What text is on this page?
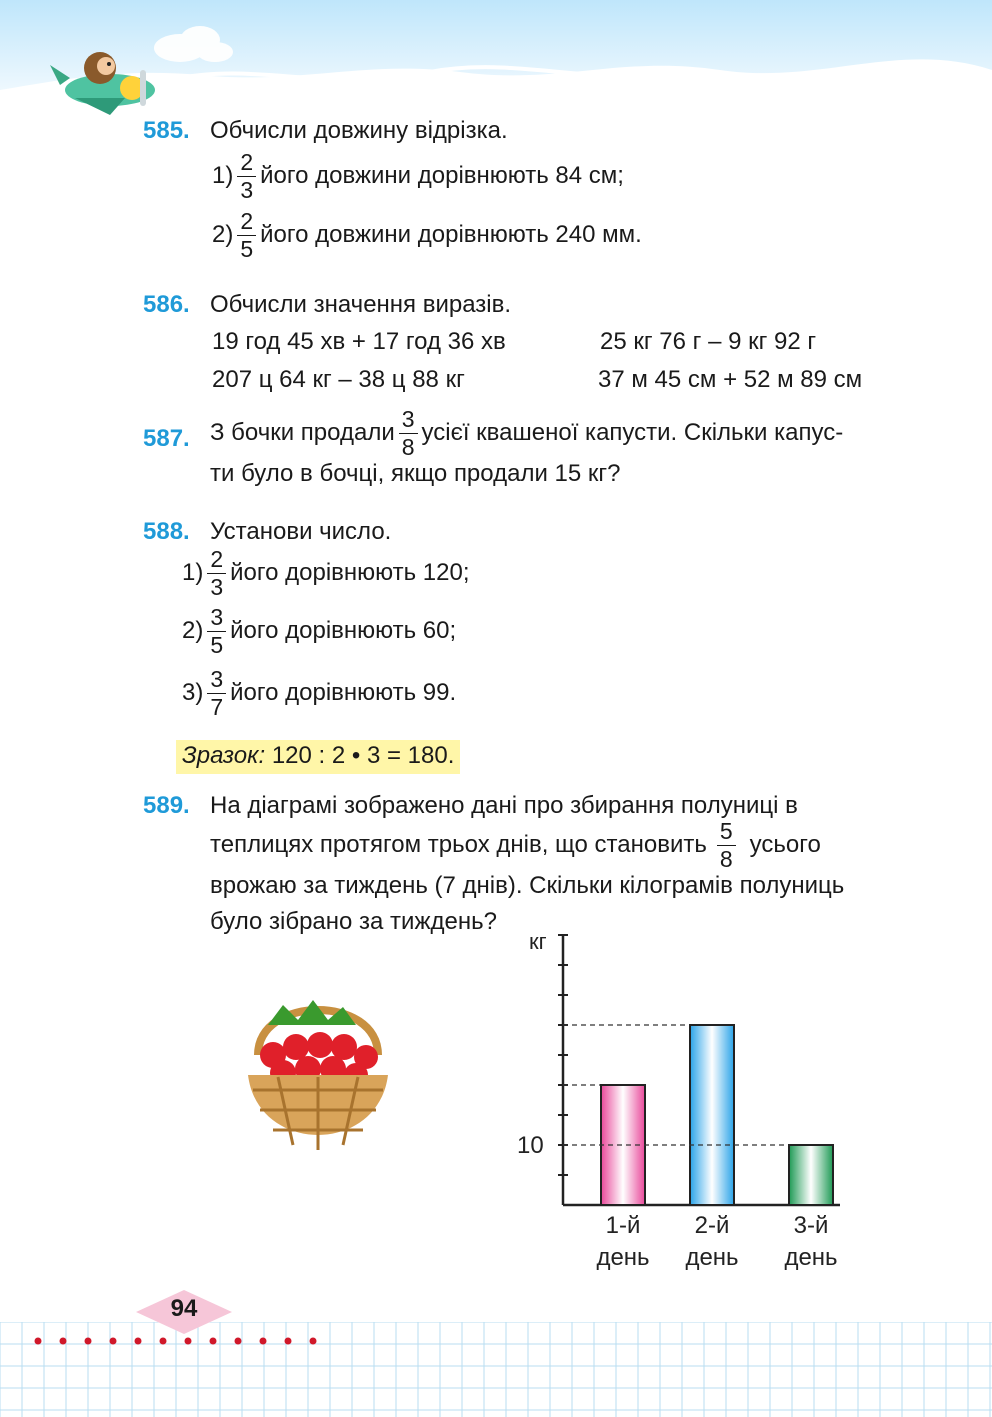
585. Обчисли довжину відрізка.
$1) \frac{2}{3}$ його довжини дорівнюють 84 см;
$2) \frac{2}{5}$ його довжини дорівнюють 240 мм.
586. Обчисли значення виразів.
19 год 45 хв + 17 год 36 хв	25 кг 76 г – 9 кг 92 г
207 ц 64 кг – 38 ц 88 кг	37 м 45 см + 52 м 89 см
587. З бочки продали $\frac{3}{8}$ усієї квашеної капусти. Скільки капус-
ти було в бочці, якщо продали 15 кг?
588. Установи число.
$1) \frac{2}{3}$ його дорівнюють 120;
$2) \frac{3}{5}$ його дорівнюють 60;
$3) \frac{3}{7}$ його дорівнюють 99.
Зразок: 120 : 2 • 3 = 180.
589. На діаграмі зображено дані про збирання полуниці в
теплицях протягом трьох днів, що становить $\frac{5}{8}$ усього
врожаю за тиждень (7 днів). Скільки кілограмів полуниць
було зібрано за тиждень?
кг
10
1-й
день
2-й
день
3-й
день
94
